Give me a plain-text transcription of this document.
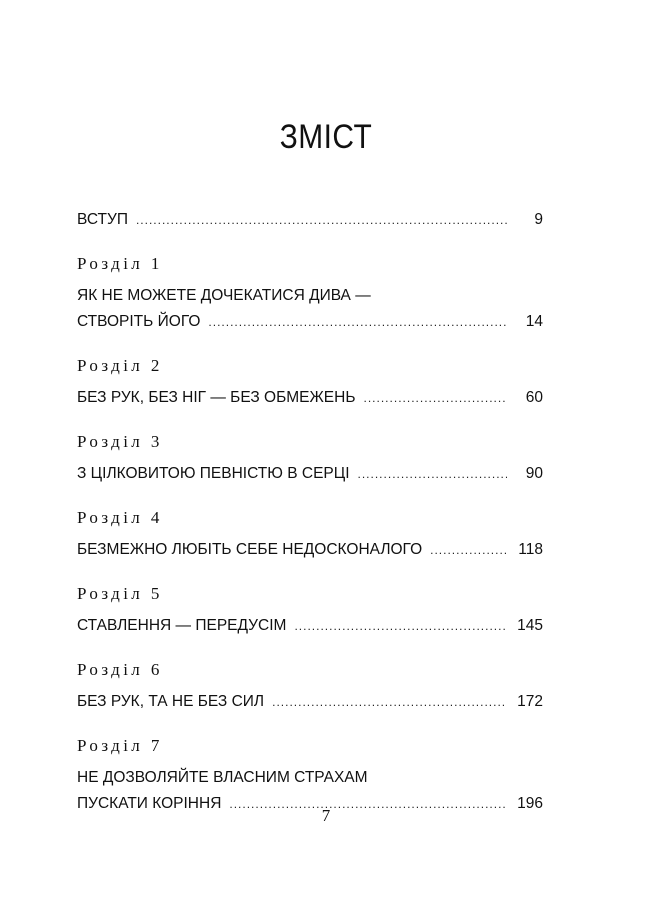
ЗМІСТ
ВСТУП .....	9
Розділ 1
ЯК НЕ МОЖЕТЕ ДОЧЕКАТИСЯ ДИВА —
СТВОРІТЬ ЙОГО .....	14
Розділ 2
БЕЗ РУК, БЕЗ НІГ — БЕЗ ОБМЕЖЕНЬ .....	60
Розділ 3
З ЦІЛКОВИТОЮ ПЕВНІСТЮ В СЕРЦІ .....	90
Розділ 4
БЕЗМЕЖНО ЛЮБІТЬ СЕБЕ НЕДОСКОНАЛОГО .....	118
Розділ 5
СТАВЛЕННЯ — ПЕРЕДУСІМ .....	145
Розділ 6
БЕЗ РУК, ТА НЕ БЕЗ СИЛ .....	172
Розділ 7
НЕ ДОЗВОЛЯЙТЕ ВЛАСНИМ СТРАХАМ
ПУСКАТИ КОРІННЯ .....	196
7
